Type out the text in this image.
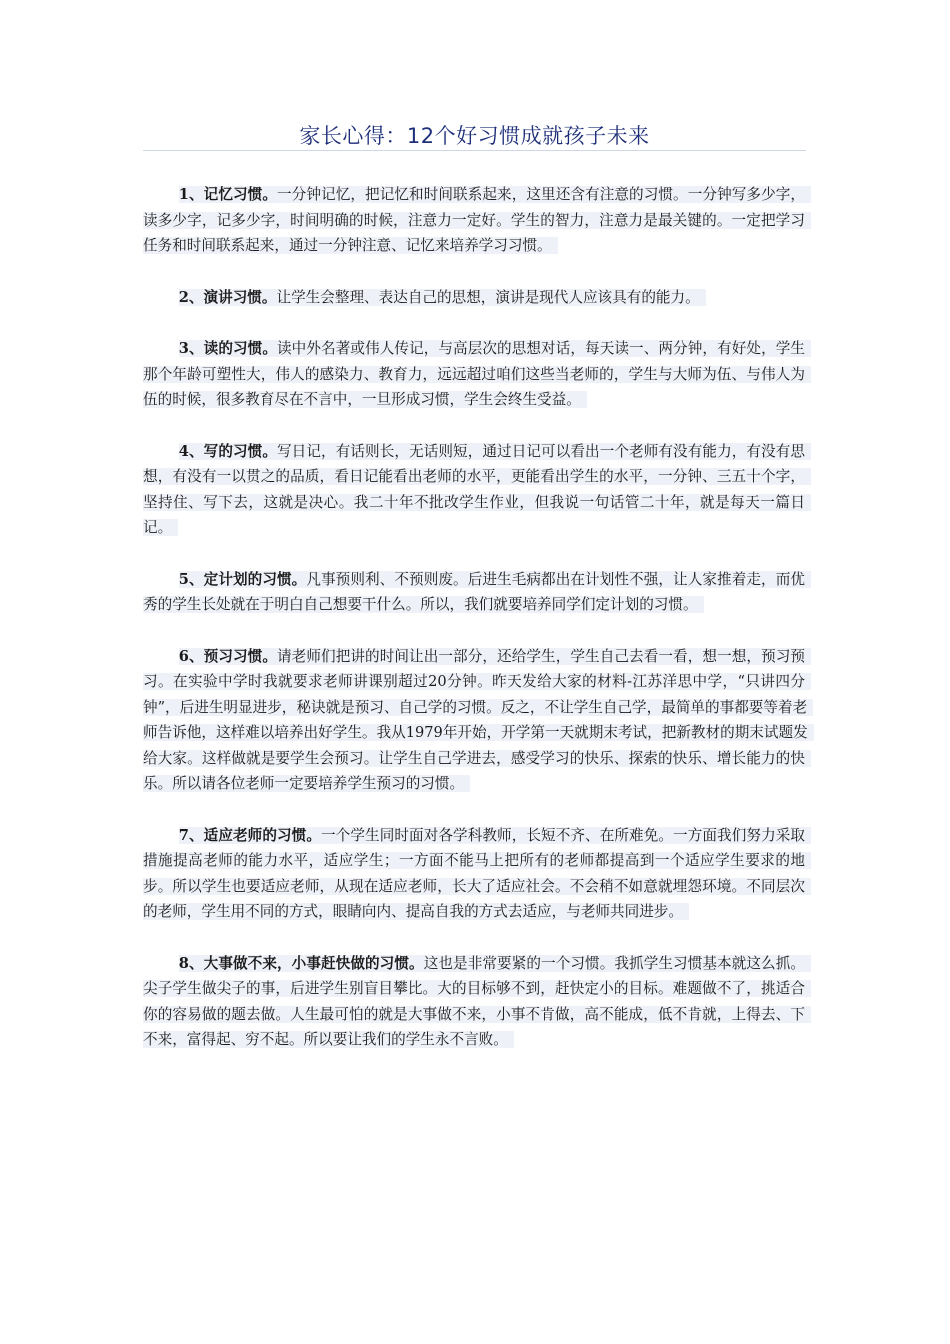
家长心得：12个好习惯成就孩子未来

1、记忆习惯。一分钟记忆，把记忆和时间联系起来，这里还含有注意的习惯。一分钟写多少字，读多少字，记多少字，时间明确的时候，注意力一定好。学生的智力，注意力是最关键的。一定把学习任务和时间联系起来，通过一分钟注意、记忆来培养学习习惯。

2、演讲习惯。让学生会整理、表达自己的思想，演讲是现代人应该具有的能力。

3、读的习惯。读中外名著或伟人传记，与高层次的思想对话，每天读一、两分钟，有好处，学生那个年龄可塑性大，伟人的感染力、教育力，远远超过咱们这些当老师的，学生与大师为伍、与伟人为伍的时候，很多教育尽在不言中，一旦形成习惯，学生会终生受益。

4、写的习惯。写日记，有话则长，无话则短，通过日记可以看出一个老师有没有能力，有没有思想，有没有一以贯之的品质，看日记能看出老师的水平，更能看出学生的水平，一分钟、三五十个字，坚持住、写下去，这就是决心。我二十年不批改学生作业，但我说一句话管二十年，就是每天一篇日记。

5、定计划的习惯。凡事预则利、不预则废。后进生毛病都出在计划性不强，让人家推着走，而优秀的学生长处就在于明白自己想要干什么。所以，我们就要培养同学们定计划的习惯。

6、预习习惯。请老师们把讲的时间让出一部分，还给学生，学生自己去看一看，想一想，预习预习。在实验中学时我就要求老师讲课别超过20分钟。昨天发给大家的材料-江苏洋思中学，“只讲四分钟”，后进生明显进步，秘诀就是预习、自己学的习惯。反之，不让学生自己学，最简单的事都要等着老师告诉他，这样难以培养出好学生。我从1979年开始，开学第一天就期末考试，把新教材的期末试题发给大家。这样做就是要学生会预习。让学生自己学进去，感受学习的快乐、探索的快乐、增长能力的快乐。所以请各位老师一定要培养学生预习的习惯。

7、适应老师的习惯。一个学生同时面对各学科教师，长短不齐、在所难免。一方面我们努力采取措施提高老师的能力水平，适应学生；一方面不能马上把所有的老师都提高到一个适应学生要求的地步。所以学生也要适应老师，从现在适应老师，长大了适应社会。不会稍不如意就埋怨环境。不同层次的老师，学生用不同的方式，眼睛向内、提高自我的方式去适应，与老师共同进步。

8、大事做不来，小事赶快做的习惯。这也是非常要紧的一个习惯。我抓学生习惯基本就这么抓。尖子学生做尖子的事，后进学生别盲目攀比。大的目标够不到，赶快定小的目标。难题做不了，挑适合你的容易做的题去做。人生最可怕的就是大事做不来，小事不肯做，高不能成，低不肯就，上得去、下不来，富得起、穷不起。所以要让我们的学生永不言败。
